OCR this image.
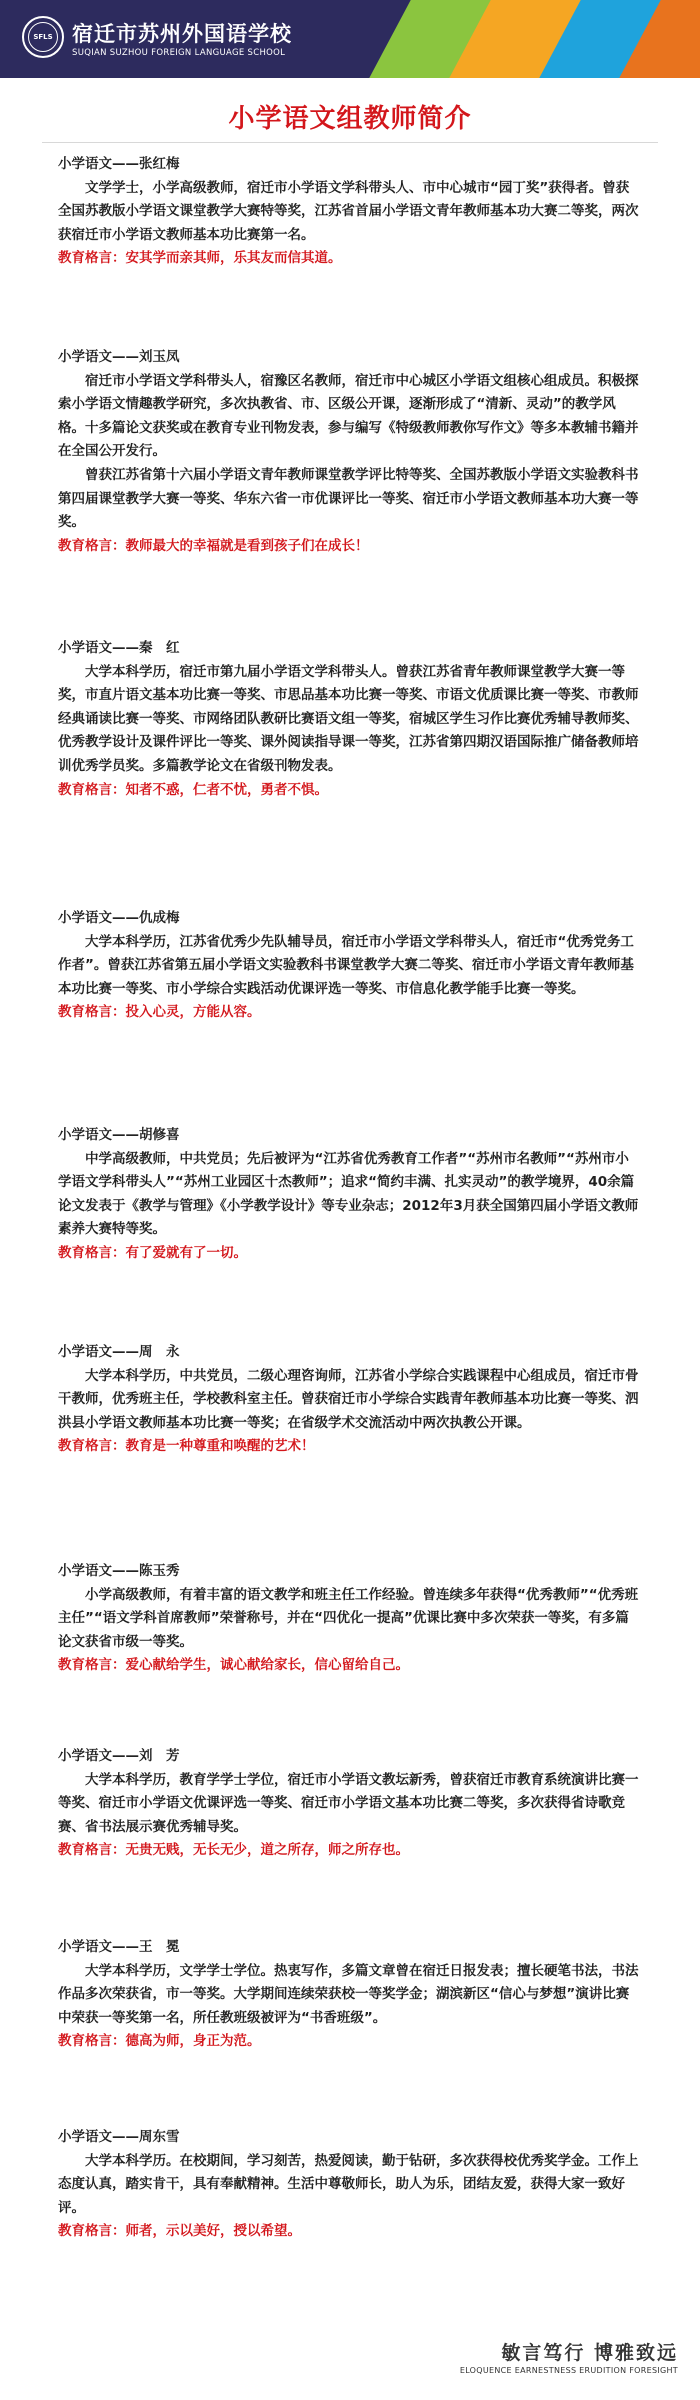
SFLS 宿迁市苏州外国语学校
SUQIAN SUZHOU FOREIGN LANGUAGE SCHOOL
小学语文组教师简介
小学语文——张红梅

文学学士，小学高级教师，宿迁市小学语文学科带头人、市中心城市“园丁奖”获得者。曾获全国苏教版小学语文课堂教学大赛特等奖，江苏省首届小学语文青年教师基本功大赛二等奖，两次获宿迁市小学语文教师基本功比赛第一名。

教育格言：安其学而亲其师，乐其友而信其道。
小学语文——刘玉凤

宿迁市小学语文学科带头人，宿豫区名教师，宿迁市中心城区小学语文组核心组成员。积极探索小学语文情趣教学研究，多次执教省、市、区级公开课，逐渐形成了“清新、灵动”的教学风格。十多篇论文获奖或在教育专业刊物发表，参与编写《特级教师教你写作文》等多本教辅书籍并在全国公开发行。

曾获江苏省第十六届小学语文青年教师课堂教学评比特等奖、全国苏教版小学语文实验教科书第四届课堂教学大赛一等奖、华东六省一市优课评比一等奖、宿迁市小学语文教师基本功大赛一等奖。

教育格言：教师最大的幸福就是看到孩子们在成长！
小学语文——秦　红

大学本科学历，宿迁市第九届小学语文学科带头人。曾获江苏省青年教师课堂教学大赛一等奖，市直片语文基本功比赛一等奖、市思品基本功比赛一等奖、市语文优质课比赛一等奖、市教师经典诵读比赛一等奖、市网络团队教研比赛语文组一等奖，宿城区学生习作比赛优秀辅导教师奖、优秀教学设计及课件评比一等奖、课外阅读指导课一等奖，江苏省第四期汉语国际推广储备教师培训优秀学员奖。多篇教学论文在省级刊物发表。

教育格言：知者不惑，仁者不忧，勇者不惧。
小学语文——仇成梅

大学本科学历，江苏省优秀少先队辅导员，宿迁市小学语文学科带头人，宿迁市“优秀党务工作者”。曾获江苏省第五届小学语文实验教科书课堂教学大赛二等奖、宿迁市小学语文青年教师基本功比赛一等奖、市小学综合实践活动优课评选一等奖、市信息化教学能手比赛一等奖。

教育格言：投入心灵，方能从容。
小学语文——胡修喜

中学高级教师，中共党员；先后被评为“江苏省优秀教育工作者”“苏州市名教师”“苏州市小学语文学科带头人”“苏州工业园区十杰教师”；追求“简约丰满、扎实灵动”的教学境界，40余篇论文发表于《教学与管理》《小学教学设计》等专业杂志；2012年3月获全国第四届小学语文教师素养大赛特等奖。

教育格言：有了爱就有了一切。
小学语文——周　永

大学本科学历，中共党员，二级心理咨询师，江苏省小学综合实践课程中心组成员，宿迁市骨干教师，优秀班主任，学校教科室主任。曾获宿迁市小学综合实践青年教师基本功比赛一等奖、泗洪县小学语文教师基本功比赛一等奖；在省级学术交流活动中两次执教公开课。

教育格言：教育是一种尊重和唤醒的艺术！
小学语文——陈玉秀

小学高级教师，有着丰富的语文教学和班主任工作经验。曾连续多年获得“优秀教师”“优秀班主任”“语文学科首席教师”荣誉称号，并在“四优化一提高”优课比赛中多次荣获一等奖，有多篇论文获省市级一等奖。

教育格言：爱心献给学生，诚心献给家长，信心留给自己。
小学语文——刘　芳

大学本科学历，教育学学士学位，宿迁市小学语文教坛新秀，曾获宿迁市教育系统演讲比赛一等奖、宿迁市小学语文优课评选一等奖、宿迁市小学语文基本功比赛二等奖，多次获得省诗歌竞赛、省书法展示赛优秀辅导奖。

教育格言：无贵无贱，无长无少，道之所存，师之所存也。
小学语文——王　冕

大学本科学历，文学学士学位。热衷写作，多篇文章曾在宿迁日报发表；擅长硬笔书法，书法作品多次荣获省，市一等奖。大学期间连续荣获校一等奖学金；湖滨新区“信心与梦想”演讲比赛中荣获一等奖第一名，所任教班级被评为“书香班级”。

教育格言：德高为师，身正为范。
小学语文——周东雪

大学本科学历。在校期间，学习刻苦，热爱阅读，勤于钻研，多次获得校优秀奖学金。工作上态度认真，踏实肯干，具有奉献精神。生活中尊敬师长，助人为乐，团结友爱，获得大家一致好评。

教育格言：师者，示以美好，授以希望。
敏言笃行 博雅致远
ELOQUENCE EARNESTNESS ERUDITION FORESIGHT
